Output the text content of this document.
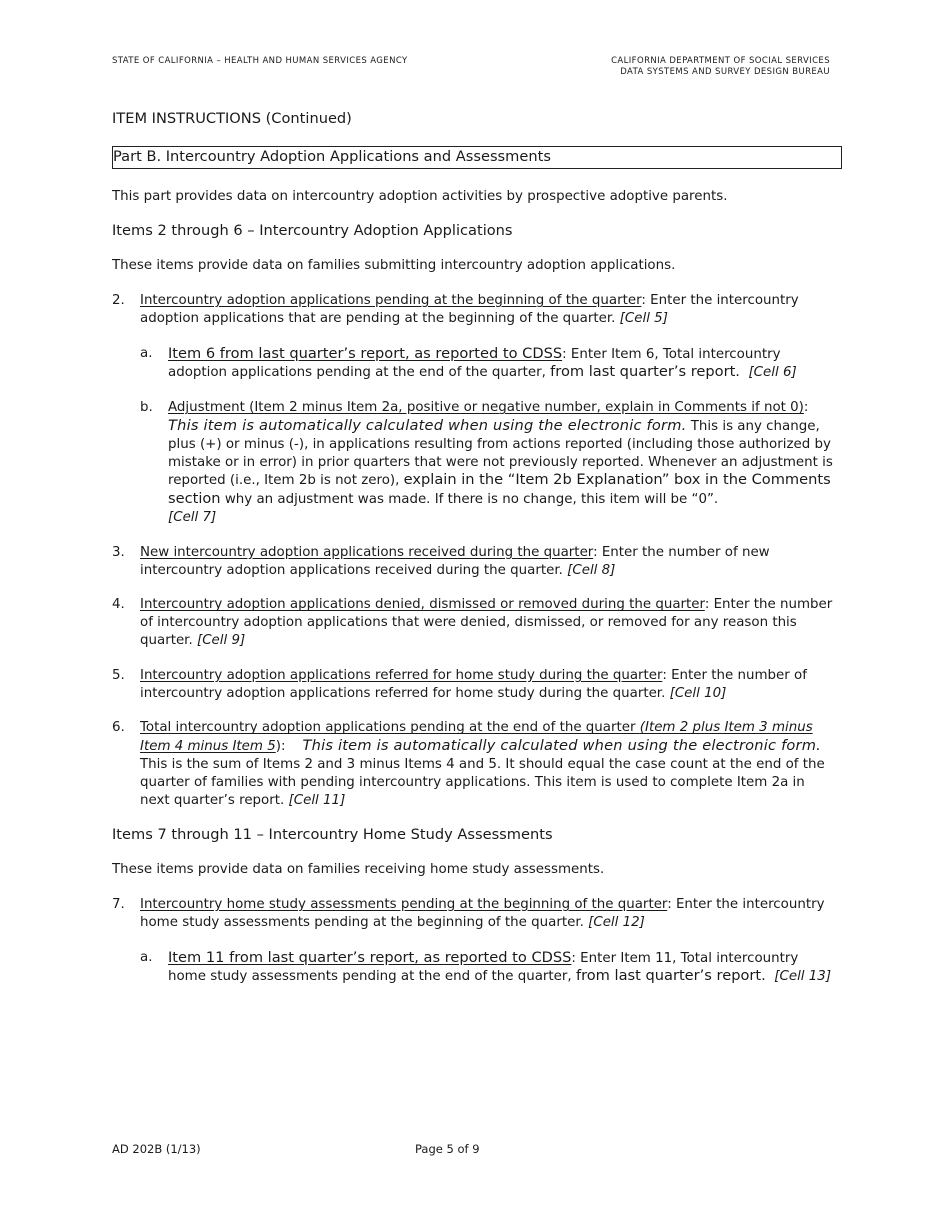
STATE OF CALIFORNIA – HEALTH AND HUMAN SERVICES AGENCY	CALIFORNIA DEPARTMENT OF SOCIAL SERVICES
DATA SYSTEMS AND SURVEY DESIGN BUREAU

ITEM INSTRUCTIONS (Continued)

Part B. Intercountry Adoption Applications and Assessments

This part provides data on intercountry adoption activities by prospective adoptive parents.

Items 2 through 6 – Intercountry Adoption Applications

These items provide data on families submitting intercountry adoption applications.

2.	Intercountry adoption applications pending at the beginning of the quarter: Enter the intercountry adoption applications that are pending at the beginning of the quarter. [Cell 5]
a.	Item 6 from last quarter’s report, as reported to CDSS: Enter Item 6, Total intercountry adoption applications pending at the end of the quarter, from last quarter’s report. [Cell 6]
b.	Adjustment (Item 2 minus Item 2a, positive or negative number, explain in Comments if not 0): This item is automatically calculated when using the electronic form. This is any change, plus (+) or minus (-), in applications resulting from actions reported (including those authorized by mistake or in error) in prior quarters that were not previously reported. Whenever an adjustment is reported (i.e., Item 2b is not zero), explain in the “Item 2b Explanation” box in the Comments section why an adjustment was made. If there is no change, this item will be “0”.
[Cell 7]
3.	New intercountry adoption applications received during the quarter: Enter the number of new intercountry adoption applications received during the quarter. [Cell 8]
4.	Intercountry adoption applications denied, dismissed or removed during the quarter: Enter the number of intercountry adoption applications that were denied, dismissed, or removed for any reason this quarter. [Cell 9]
5.	Intercountry adoption applications referred for home study during the quarter: Enter the number of intercountry adoption applications referred for home study during the quarter. [Cell 10]
6.	Total intercountry adoption applications pending at the end of the quarter (Item 2 plus Item 3 minus Item 4 minus Item 5):    This item is automatically calculated when using the electronic form. This is the sum of Items 2 and 3 minus Items 4 and 5. It should equal the case count at the end of the quarter of families with pending intercountry applications. This item is used to complete Item 2a in next quarter’s report. [Cell 11]

Items 7 through 11 – Intercountry Home Study Assessments

These items provide data on families receiving home study assessments.

7.	Intercountry home study assessments pending at the beginning of the quarter: Enter the intercountry home study assessments pending at the beginning of the quarter. [Cell 12]
a.	Item 11 from last quarter’s report, as reported to CDSS: Enter Item 11, Total intercountry home study assessments pending at the end of the quarter, from last quarter’s report. [Cell 13]
AD 202B (1/13)	Page 5 of 9
